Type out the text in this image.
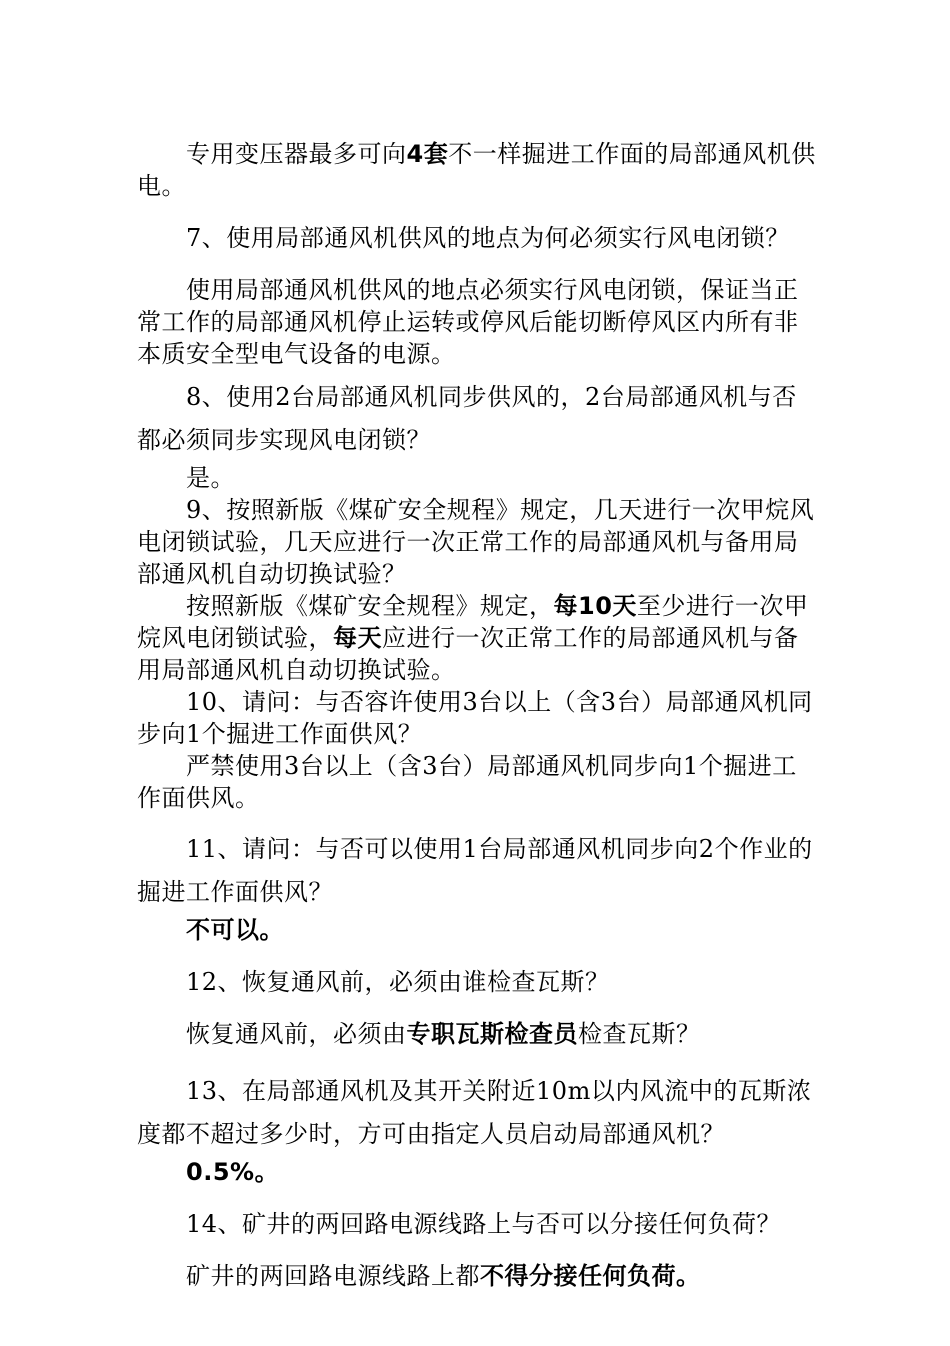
专用变压器最多可向4套不一样掘进工作面的局部通风机供电。

7、使用局部通风机供风的地点为何必须实行风电闭锁？

使用局部通风机供风的地点必须实行风电闭锁，保证当正常工作的局部通风机停止运转或停风后能切断停风区内所有非本质安全型电气设备的电源。

8、使用2台局部通风机同步供风的，2台局部通风机与否都必须同步实现风电闭锁？

是。

9、按照新版《煤矿安全规程》规定，几天进行一次甲烷风电闭锁试验，几天应进行一次正常工作的局部通风机与备用局部通风机自动切换试验？

按照新版《煤矿安全规程》规定，每10天至少进行一次甲烷风电闭锁试验，每天应进行一次正常工作的局部通风机与备用局部通风机自动切换试验。

10、请问：与否容许使用3台以上（含3台）局部通风机同步向1个掘进工作面供风？

严禁使用3台以上（含3台）局部通风机同步向1个掘进工作面供风。

11、请问：与否可以使用1台局部通风机同步向2个作业的掘进工作面供风？

不可以。

12、恢复通风前，必须由谁检查瓦斯？

恢复通风前，必须由专职瓦斯检查员检查瓦斯？

13、在局部通风机及其开关附近10m以内风流中的瓦斯浓度都不超过多少时，方可由指定人员启动局部通风机？

0.5%。

14、矿井的两回路电源线路上与否可以分接任何负荷？

矿井的两回路电源线路上都不得分接任何负荷。
